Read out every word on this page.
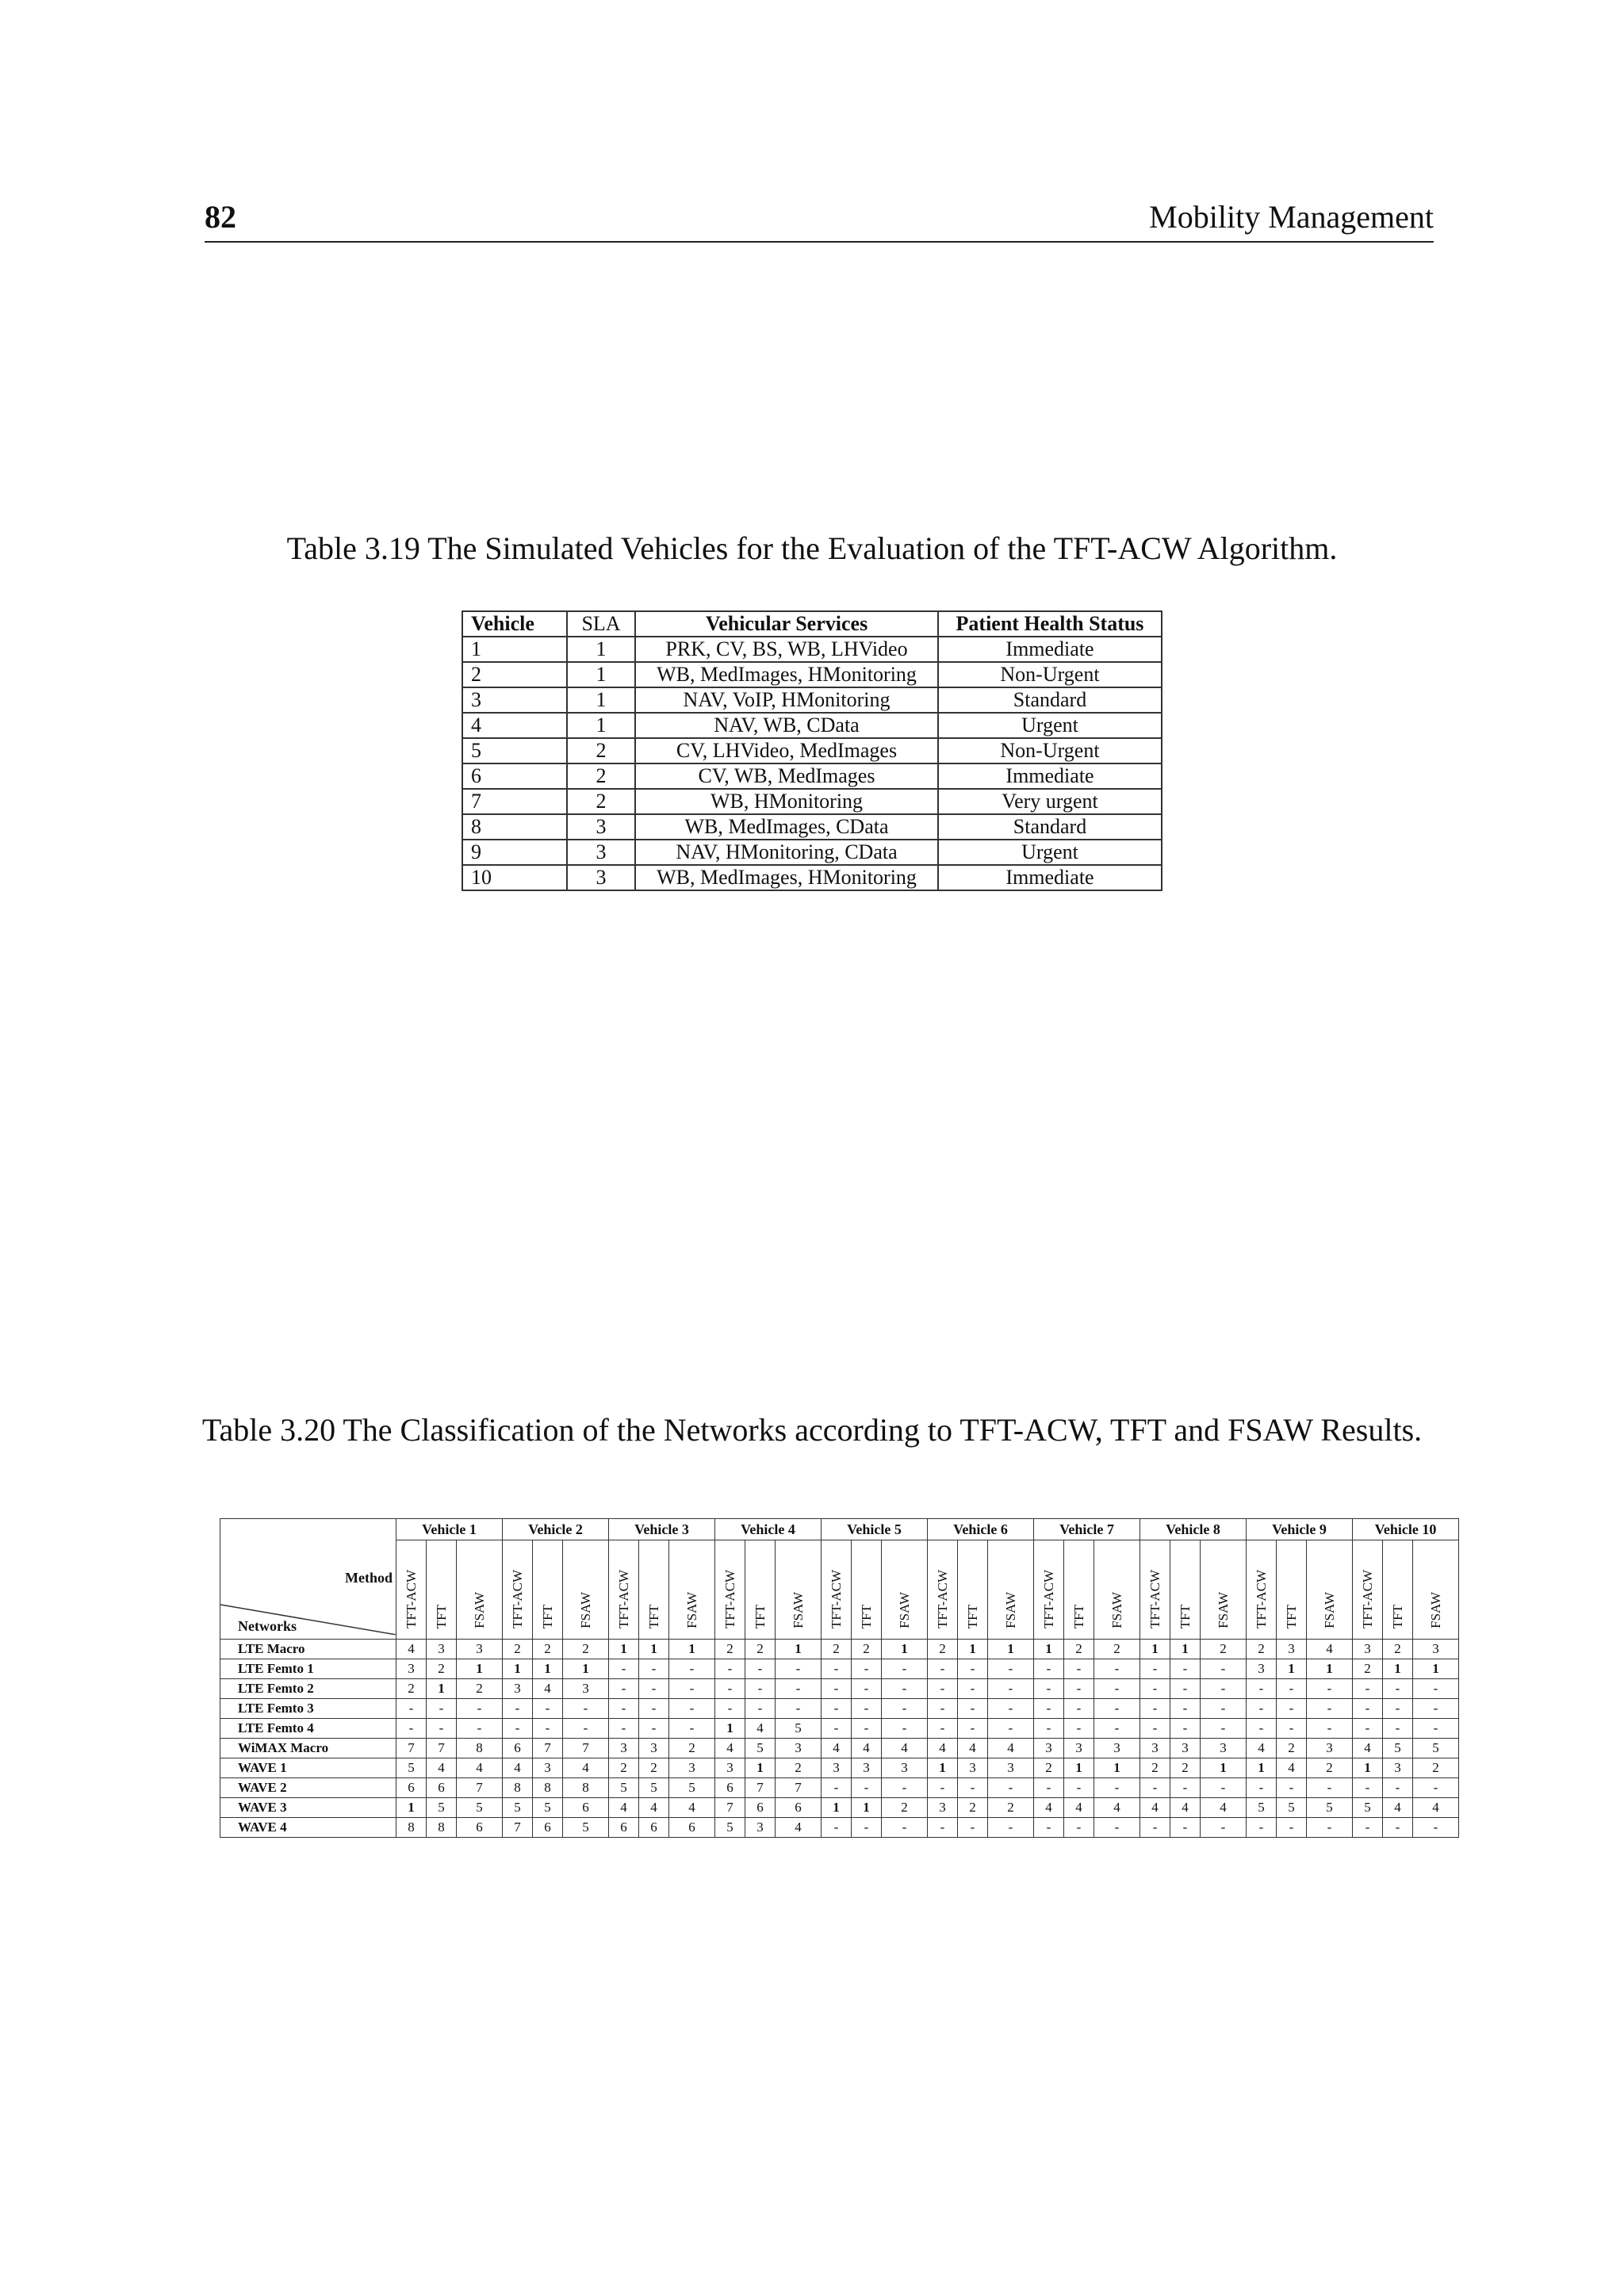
82	Mobility Management
Table 3.19 The Simulated Vehicles for the Evaluation of the TFT-ACW Algorithm.
Vehicle	SLA	Vehicular Services	Patient Health Status
1	1	PRK, CV, BS, WB, LHVideo	Immediate
2	1	WB, MedImages, HMonitoring	Non-Urgent
3	1	NAV, VoIP, HMonitoring	Standard
4	1	NAV, WB, CData	Urgent
5	2	CV, LHVideo, MedImages	Non-Urgent
6	2	CV, WB, MedImages	Immediate
7	2	WB, HMonitoring	Very urgent
8	3	WB, MedImages, CData	Standard
9	3	NAV, HMonitoring, CData	Urgent
10	3	WB, MedImages, HMonitoring	Immediate
Table 3.20 The Classification of the Networks according to TFT-ACW, TFT and FSAW Results.
Method
Networks	Vehicle 1			Vehicle 2			Vehicle 3			Vehicle 4			Vehicle 5			Vehicle 6			Vehicle 7			Vehicle 8			Vehicle 9			Vehicle 10		
	TFT-ACW	TFT	FSAW	TFT-ACW	TFT	FSAW	TFT-ACW	TFT	FSAW	TFT-ACW	TFT	FSAW	TFT-ACW	TFT	FSAW	TFT-ACW	TFT	FSAW	TFT-ACW	TFT	FSAW	TFT-ACW	TFT	FSAW	TFT-ACW	TFT	FSAW	TFT-ACW	TFT	FSAW
LTE Macro	4	3	3	2	2	2	1	1	1	2	2	1	2	2	1	2	1	1	1	2	2	1	1	2	2	3	4	3	2	3
LTE Femto 1	3	2	1	1	1	1	-	-	-	-	-	-	-	-	-	-	-	-	-	-	-	-	-	-	3	1	1	2	1	1
LTE Femto 2	2	1	2	3	4	3	-	-	-	-	-	-	-	-	-	-	-	-	-	-	-	-	-	-	-	-	-	-	-	-
LTE Femto 3	-	-	-	-	-	-	-	-	-	-	-	-	-	-	-	-	-	-	-	-	-	-	-	-	-	-	-	-	-	-
LTE Femto 4	-	-	-	-	-	-	-	-	-	1	4	5	-	-	-	-	-	-	-	-	-	-	-	-	-	-	-	-	-	-
WiMAX Macro	7	7	8	6	7	7	3	3	2	4	5	3	4	4	4	4	4	4	3	3	3	3	3	3	4	2	3	4	5	5
WAVE 1	5	4	4	4	3	4	2	2	3	3	1	2	3	3	3	1	3	3	2	1	1	2	2	1	1	4	2	1	3	2
WAVE 2	6	6	7	8	8	8	5	5	5	6	7	7	-	-	-	-	-	-	-	-	-	-	-	-	-	-	-	-	-	-
WAVE 3	1	5	5	5	5	6	4	4	4	7	6	6	1	1	2	3	2	2	4	4	4	4	4	4	5	5	5	5	4	4
WAVE 4	8	8	6	7	6	5	6	6	6	5	3	4	-	-	-	-	-	-	-	-	-	-	-	-	-	-	-	-	-	-
